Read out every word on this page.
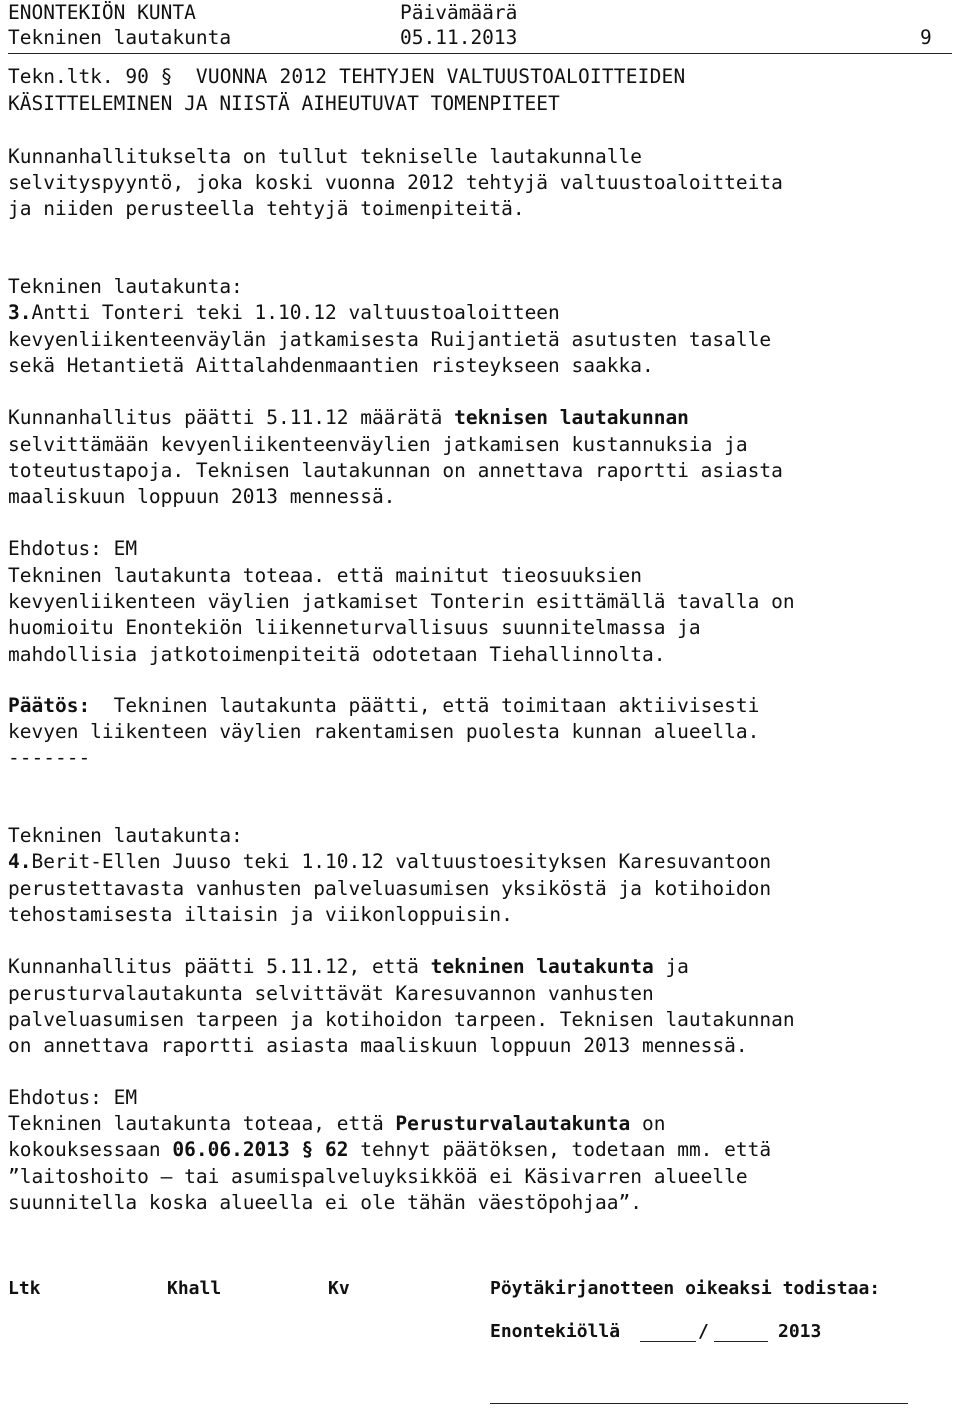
ENONTEKIÖN KUNTA	Päivämäärä
Tekninen lautakunta	05.11.2013	9
Tekn.ltk. 90 § VUONNA 2012 TEHTYJEN VALTUUSTOALOITTEIDEN
KÄSITTELEMINEN JA NIISTÄ AIHEUTUVAT TOMENPITEET
Kunnanhallitukselta on tullut tekniselle lautakunnalle
selvityspyyntö, joka koski vuonna 2012 tehtyjä valtuustoaloitteita
ja niiden perusteella tehtyjä toimenpiteitä.
Tekninen lautakunta:
3.Antti Tonteri teki 1.10.12 valtuustoaloitteen
kevyenliikenteenväylän jatkamisesta Ruijantietä asutusten tasalle
sekä Hetantietä Aittalahdenmaantien risteykseen saakka.
Kunnanhallitus päätti 5.11.12 määrätä teknisen lautakunnan
selvittämään kevyenliikenteenväylien jatkamisen kustannuksia ja
toteutustapoja. Teknisen lautakunnan on annettava raportti asiasta
maaliskuun loppuun 2013 mennessä.
Ehdotus: EM
Tekninen lautakunta toteaa. että mainitut tieosuuksien
kevyenliikenteen väylien jatkamiset Tonterin esittämällä tavalla on
huomioitu Enontekiön liikenneturvallisuus suunnitelmassa ja
mahdollisia jatkotoimenpiteitä odotetaan Tiehallinnolta.
Päätös:  Tekninen lautakunta päätti, että toimitaan aktiivisesti
kevyen liikenteen väylien rakentamisen puolesta kunnan alueella.
-------
Tekninen lautakunta:
4.Berit-Ellen Juuso teki 1.10.12 valtuustoesityksen Karesuvantoon
perustettavasta vanhusten palveluasumisen yksiköstä ja kotihoidon
tehostamisesta iltaisin ja viikonloppuisin.
Kunnanhallitus päätti 5.11.12, että tekninen lautakunta ja
perusturvalautakunta selvittävät Karesuvannon vanhusten
palveluasumisen tarpeen ja kotihoidon tarpeen. Teknisen lautakunnan
on annettava raportti asiasta maaliskuun loppuun 2013 mennessä.
Ehdotus: EM
Tekninen lautakunta toteaa, että Perusturvalautakunta on
kokouksessaan 06.06.2013 § 62 tehnyt päätöksen, todetaan mm. että
”laitoshoito – tai asumispalveluyksikköä ei Käsivarren alueelle
suunnitella koska alueella ei ole tähän väestöpohjaa”.
Ltk	Khall	Kv	Pöytäkirjanotteen oikeaksi todistaa:
Enontekiöllä	/	2013
